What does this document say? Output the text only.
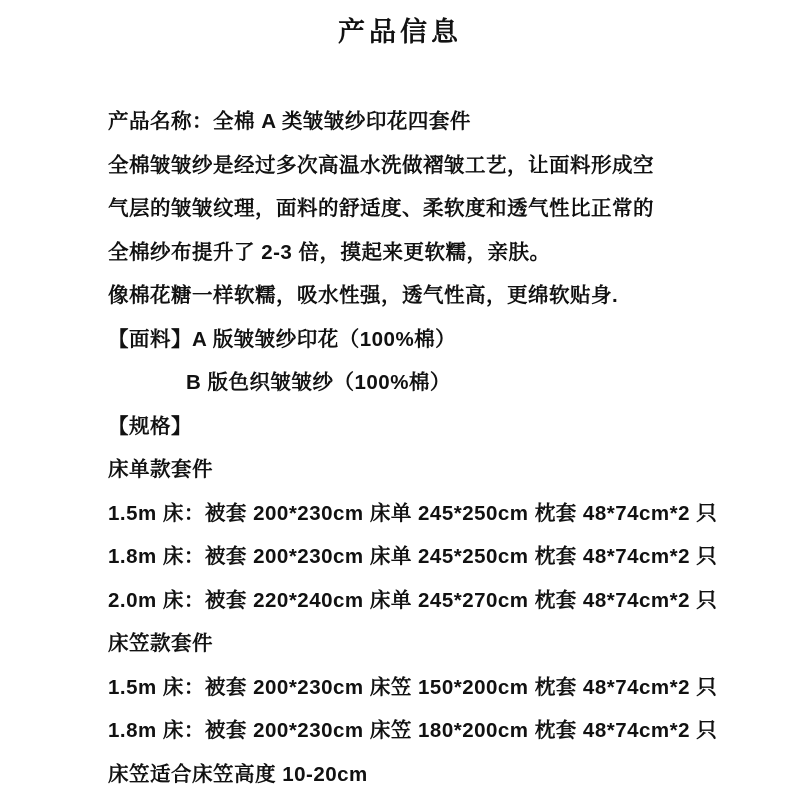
产品信息
产品名称：全棉 A 类皱皱纱印花四套件
全棉皱皱纱是经过多次高温水洗做褶皱工艺，让面料形成空
气层的皱皱纹理，面料的舒适度、柔软度和透气性比正常的
全棉纱布提升了 2-3 倍，摸起来更软糯，亲肤。
像棉花糖一样软糯，吸水性强，透气性高，更绵软贴身.
【面料】A 版皱皱纱印花（100%棉）
B 版色织皱皱纱（100%棉）
【规格】
床单款套件
1.5m 床：被套 200*230cm 床单 245*250cm 枕套 48*74cm*2 只
1.8m 床：被套 200*230cm 床单 245*250cm 枕套 48*74cm*2 只
2.0m 床：被套 220*240cm 床单 245*270cm 枕套 48*74cm*2 只
床笠款套件
1.5m 床：被套 200*230cm 床笠 150*200cm 枕套 48*74cm*2 只
1.8m 床：被套 200*230cm 床笠 180*200cm 枕套 48*74cm*2 只
床笠适合床笠高度 10-20cm
